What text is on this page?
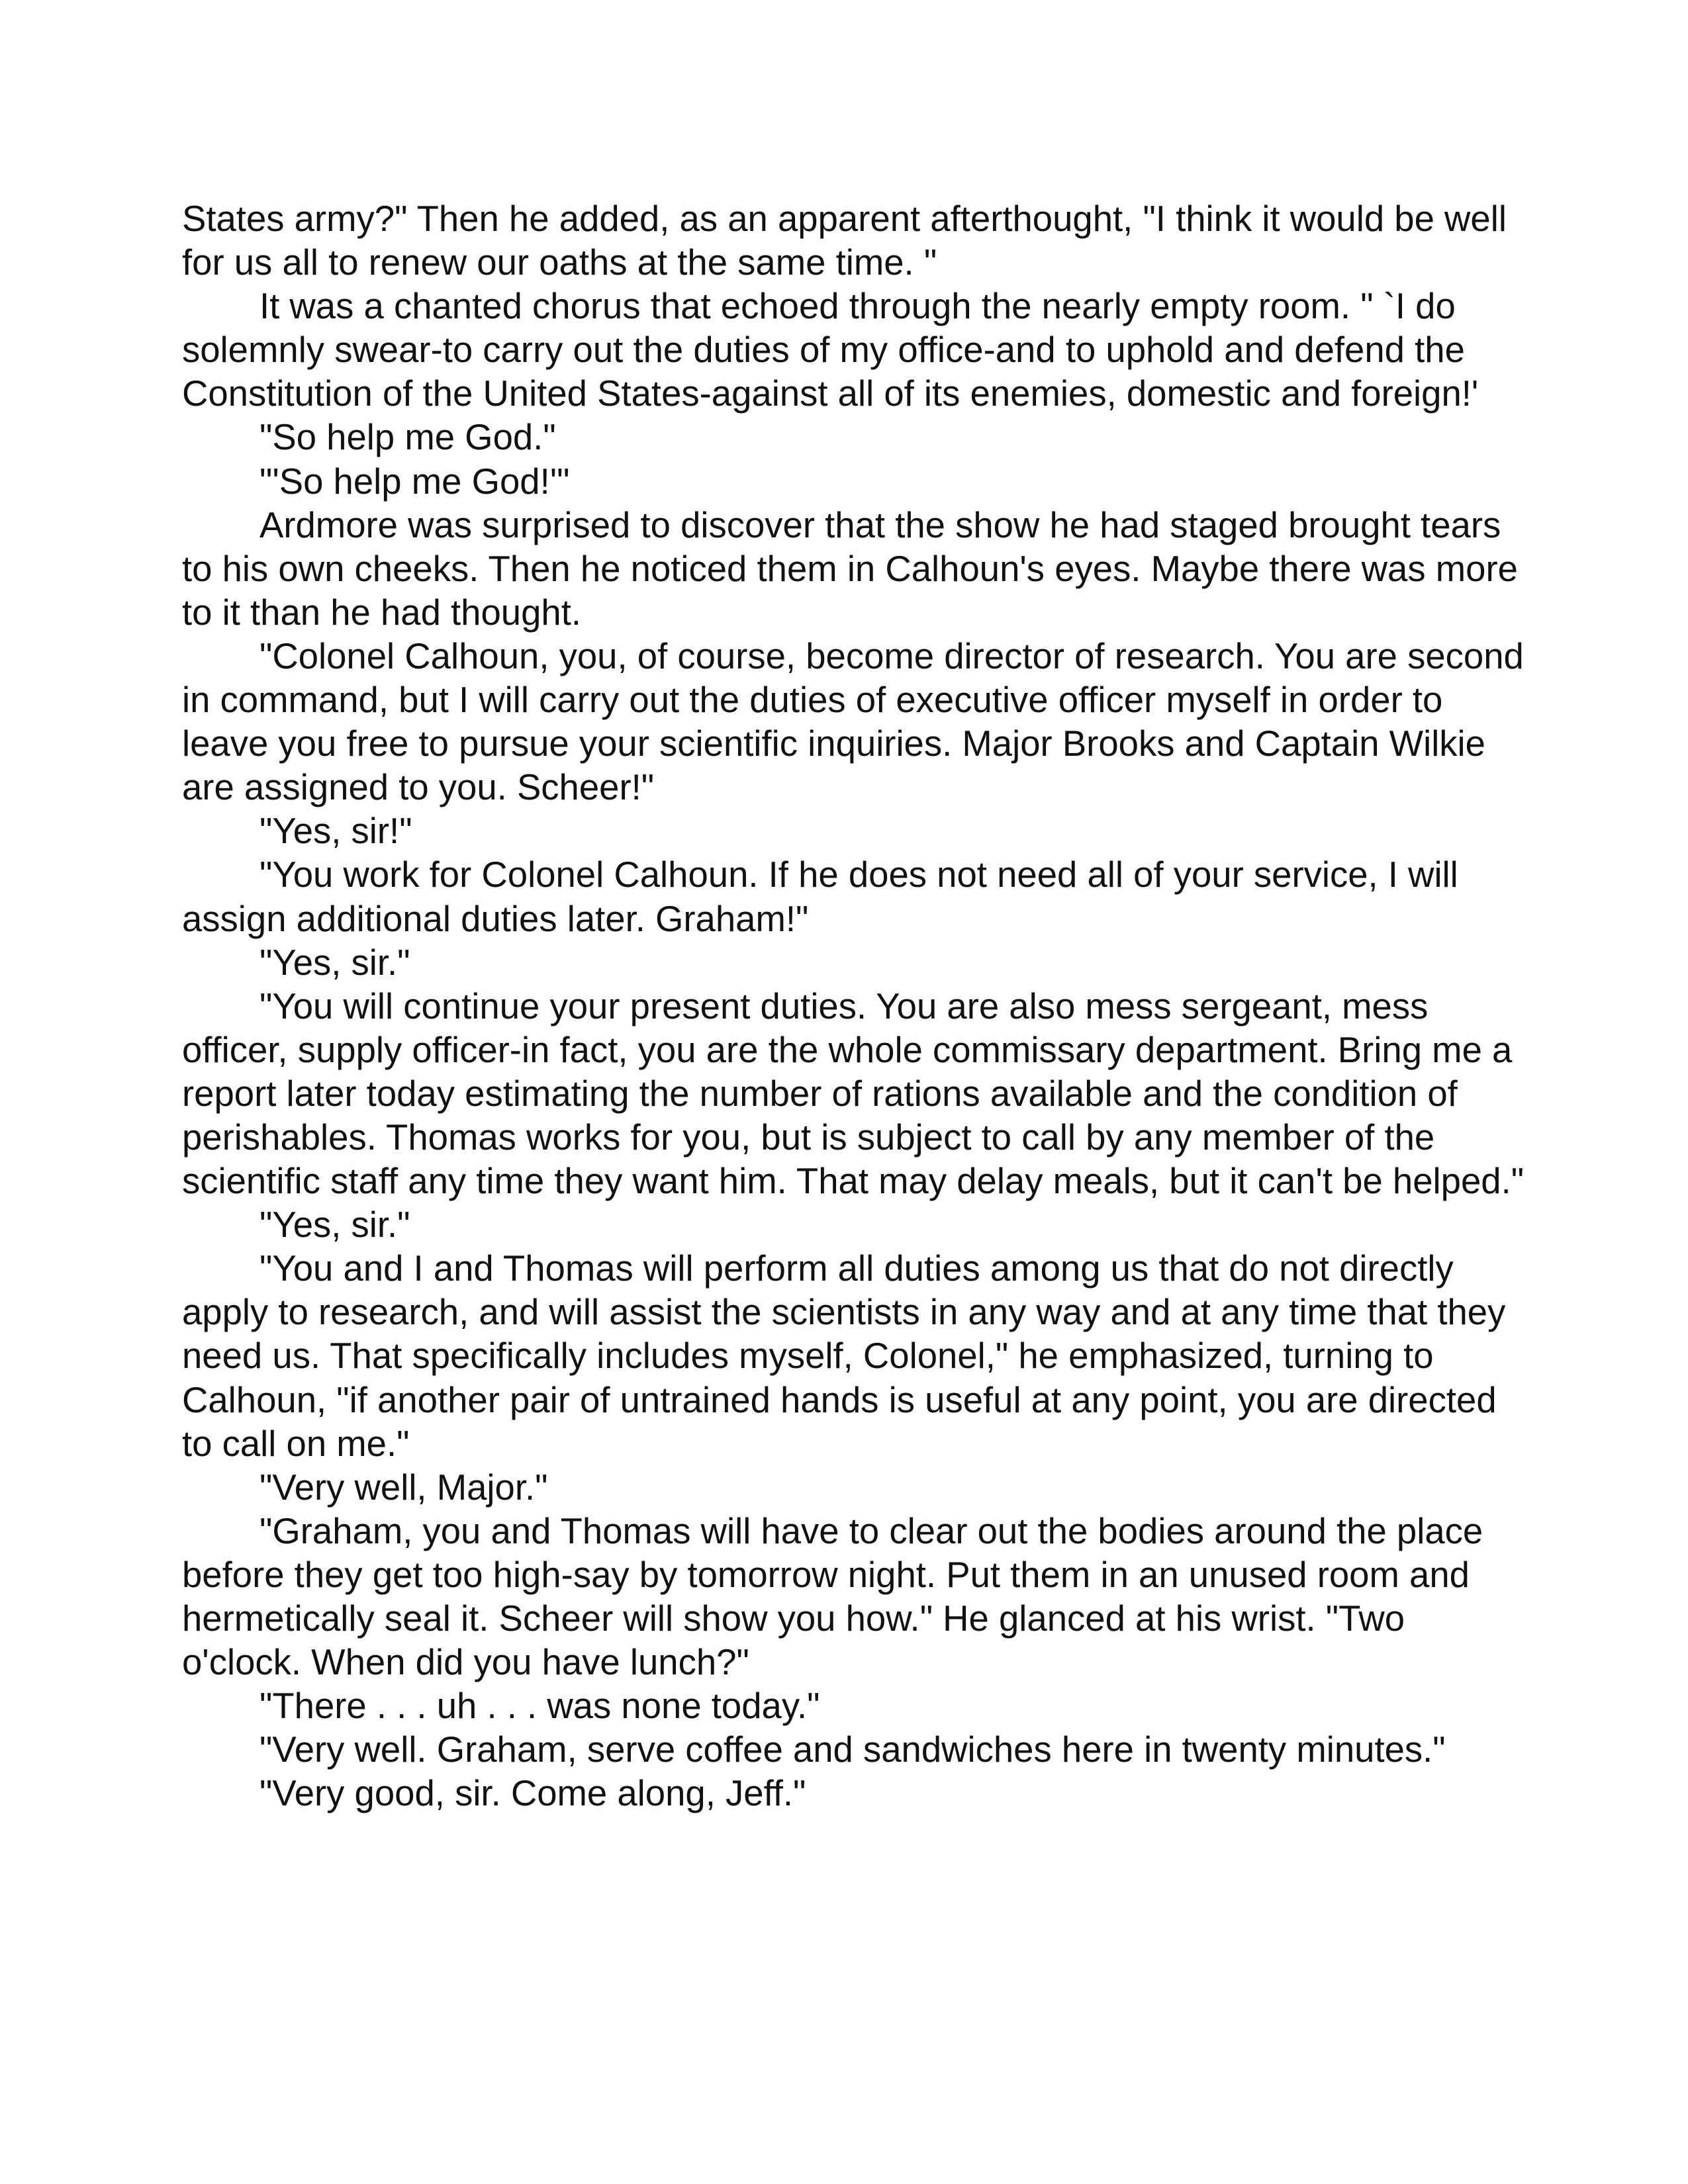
States army?" Then he added, as an apparent afterthought, "I think it would be well for us all to renew our oaths at the same time. "

It was a chanted chorus that echoed through the nearly empty room. " `I do solemnly swear-to carry out the duties of my office-and to uphold and defend the Constitution of the United States-against all of its enemies, domestic and foreign!'

"So help me God."

"'So help me God!'"

Ardmore was surprised to discover that the show he had staged brought tears to his own cheeks. Then he noticed them in Calhoun's eyes. Maybe there was more to it than he had thought.

"Colonel Calhoun, you, of course, become director of research. You are second in command, but I will carry out the duties of executive officer myself in order to leave you free to pursue your scientific inquiries. Major Brooks and Captain Wilkie are assigned to you. Scheer!"

"Yes, sir!"

"You work for Colonel Calhoun. If he does not need all of your service, I will assign additional duties later. Graham!"

"Yes, sir."

"You will continue your present duties. You are also mess sergeant, mess officer, supply officer-in fact, you are the whole commissary department. Bring me a report later today estimating the number of rations available and the condition of perishables. Thomas works for you, but is subject to call by any member of the scientific staff any time they want him. That may delay meals, but it can't be helped."

"Yes, sir."

"You and I and Thomas will perform all duties among us that do not directly apply to research, and will assist the scientists in any way and at any time that they need us. That specifically includes myself, Colonel," he emphasized, turning to Calhoun, "if another pair of untrained hands is useful at any point, you are directed to call on me."

"Very well, Major."

"Graham, you and Thomas will have to clear out the bodies around the place before they get too high-say by tomorrow night. Put them in an unused room and hermetically seal it. Scheer will show you how." He glanced at his wrist. "Two o'clock. When did you have lunch?"

"There . . . uh . . . was none today."

"Very well. Graham, serve coffee and sandwiches here in twenty minutes."

"Very good, sir. Come along, Jeff."
